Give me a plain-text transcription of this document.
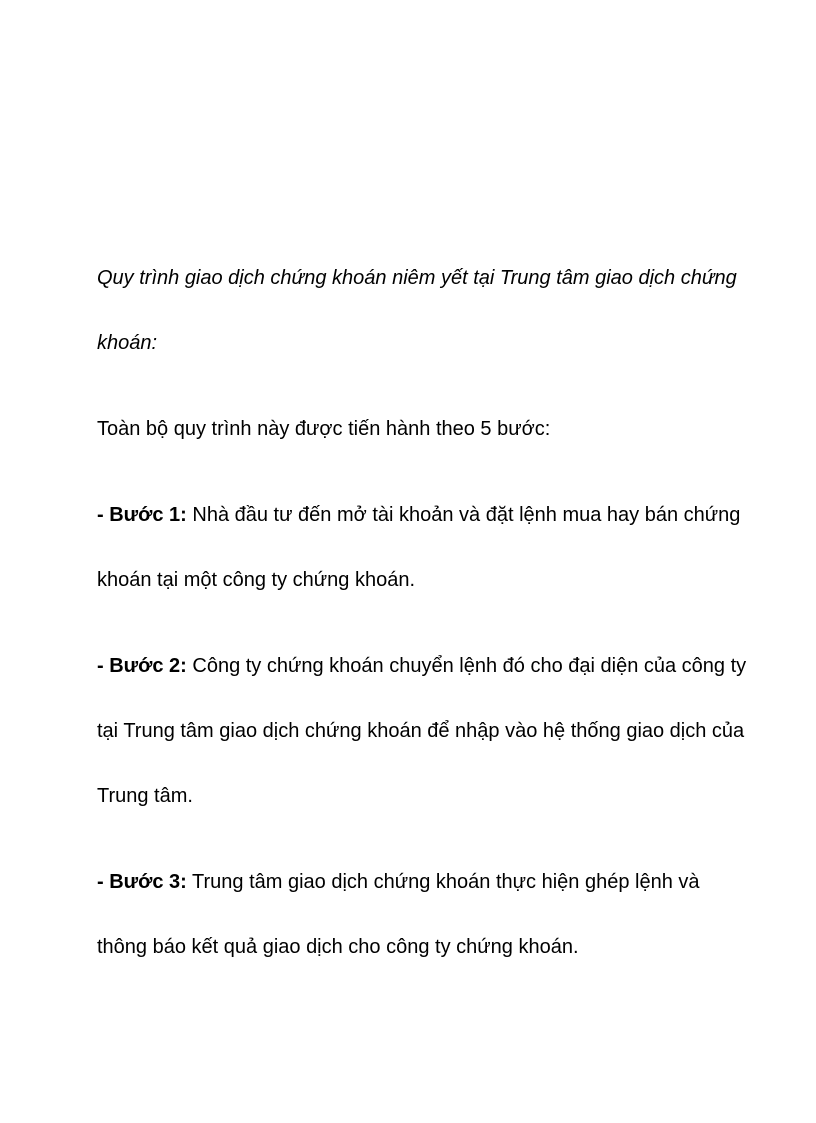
Quy trình giao dịch chứng khoán niêm yết tại Trung tâm giao dịch chứng khoán:

Toàn bộ quy trình này được tiến hành theo 5 bước:

- Bước 1: Nhà đầu tư đến mở tài khoản và đặt lệnh mua hay bán chứng khoán tại một công ty chứng khoán.

- Bước 2: Công ty chứng khoán chuyển lệnh đó cho đại diện của công ty tại Trung tâm giao dịch chứng khoán để nhập vào hệ thống giao dịch của Trung tâm.

- Bước 3: Trung tâm giao dịch chứng khoán thực hiện ghép lệnh và thông báo kết quả giao dịch cho công ty chứng khoán.
